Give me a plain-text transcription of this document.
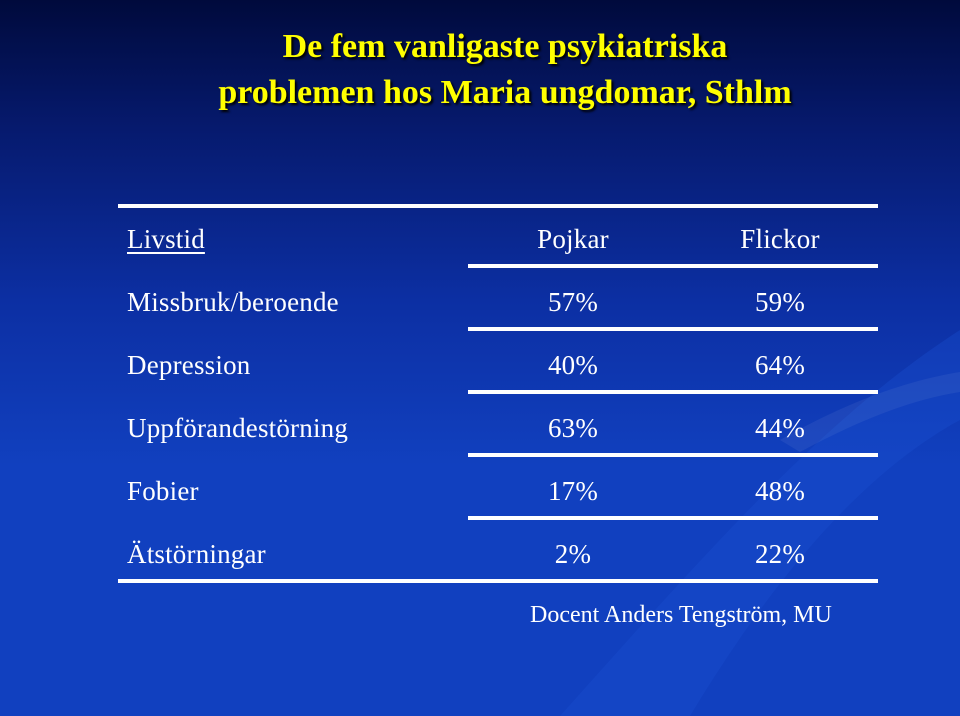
De fem vanligaste psykiatriska
problemen hos Maria ungdomar, Sthlm
Livstid	Pojkar	Flickor
Missbruk/beroende	57%	59%
Depression	40%	64%
Uppförandestörning	63%	44%
Fobier	17%	48%
Ätstörningar	2%	22%
Docent Anders Tengström, MU
